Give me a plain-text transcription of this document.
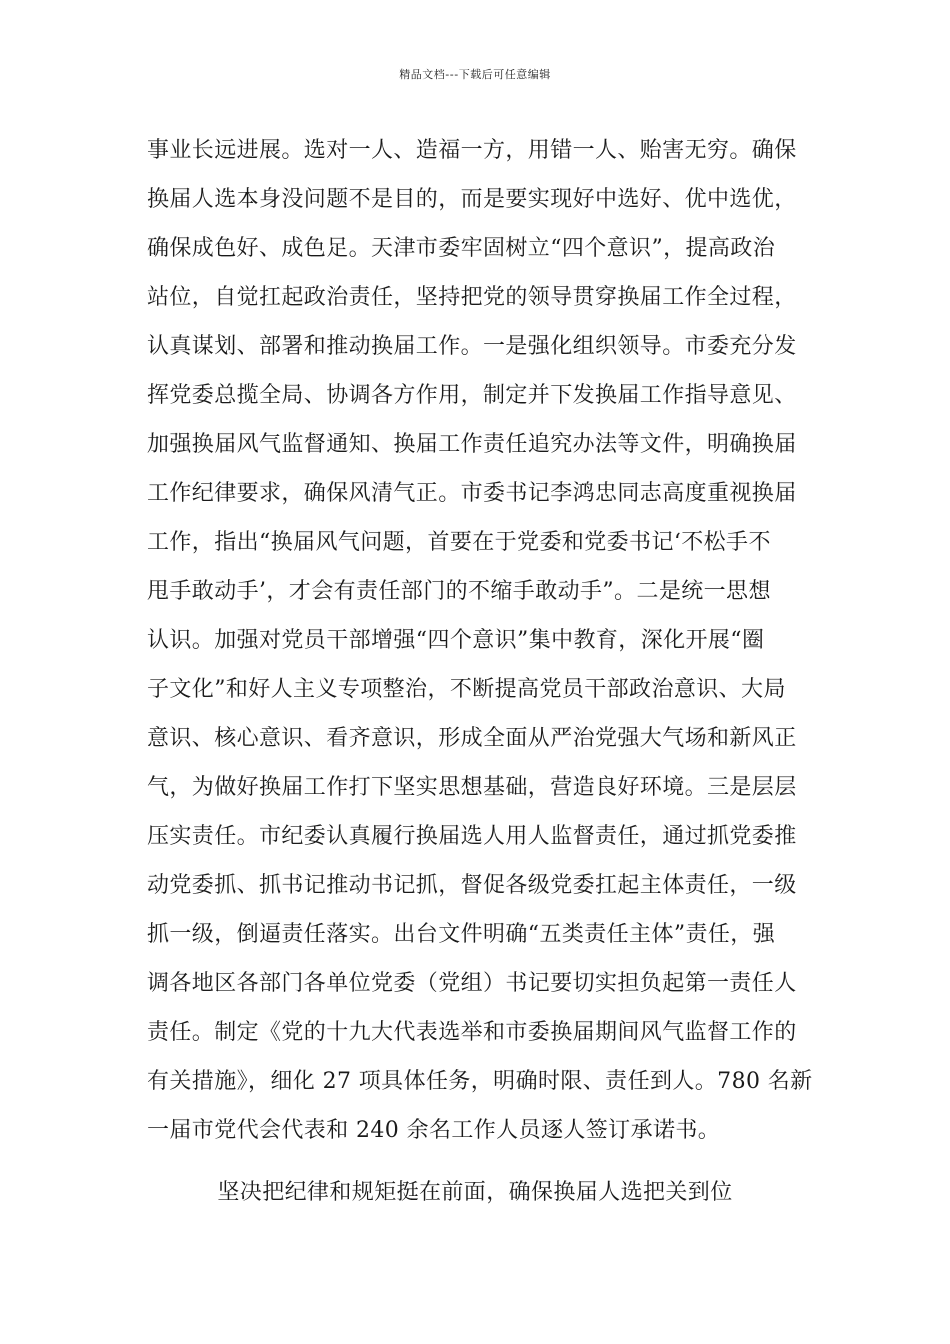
精品文档---下载后可任意编辑
事业长远进展。选对一人、造福一方，用错一人、贻害无穷。确保
换届人选本身没问题不是目的，而是要实现好中选好、优中选优，
确保成色好、成色足。天津市委牢固树立“四个意识”，提高政治
站位，自觉扛起政治责任，坚持把党的领导贯穿换届工作全过程，
认真谋划、部署和推动换届工作。一是强化组织领导。市委充分发
挥党委总揽全局、协调各方作用，制定并下发换届工作指导意见、
加强换届风气监督通知、换届工作责任追究办法等文件，明确换届
工作纪律要求，确保风清气正。市委书记李鸿忠同志高度重视换届
工作，指出“换届风气问题，首要在于党委和党委书记‘不松手不
甩手敢动手’，才会有责任部门的不缩手敢动手”。二是统一思想
认识。加强对党员干部增强“四个意识”集中教育，深化开展“圈
子文化”和好人主义专项整治，不断提高党员干部政治意识、大局
意识、核心意识、看齐意识，形成全面从严治党强大气场和新风正
气，为做好换届工作打下坚实思想基础，营造良好环境。三是层层
压实责任。市纪委认真履行换届选人用人监督责任，通过抓党委推
动党委抓、抓书记推动书记抓，督促各级党委扛起主体责任，一级
抓一级，倒逼责任落实。出台文件明确“五类责任主体”责任，强
调各地区各部门各单位党委（党组）书记要切实担负起第一责任人
责任。制定《党的十九大代表选举和市委换届期间风气监督工作的
有关措施》，细化 27 项具体任务，明确时限、责任到人。780 名新
一届市党代会代表和 240 余名工作人员逐人签订承诺书。
坚决把纪律和规矩挺在前面，确保换届人选把关到位
